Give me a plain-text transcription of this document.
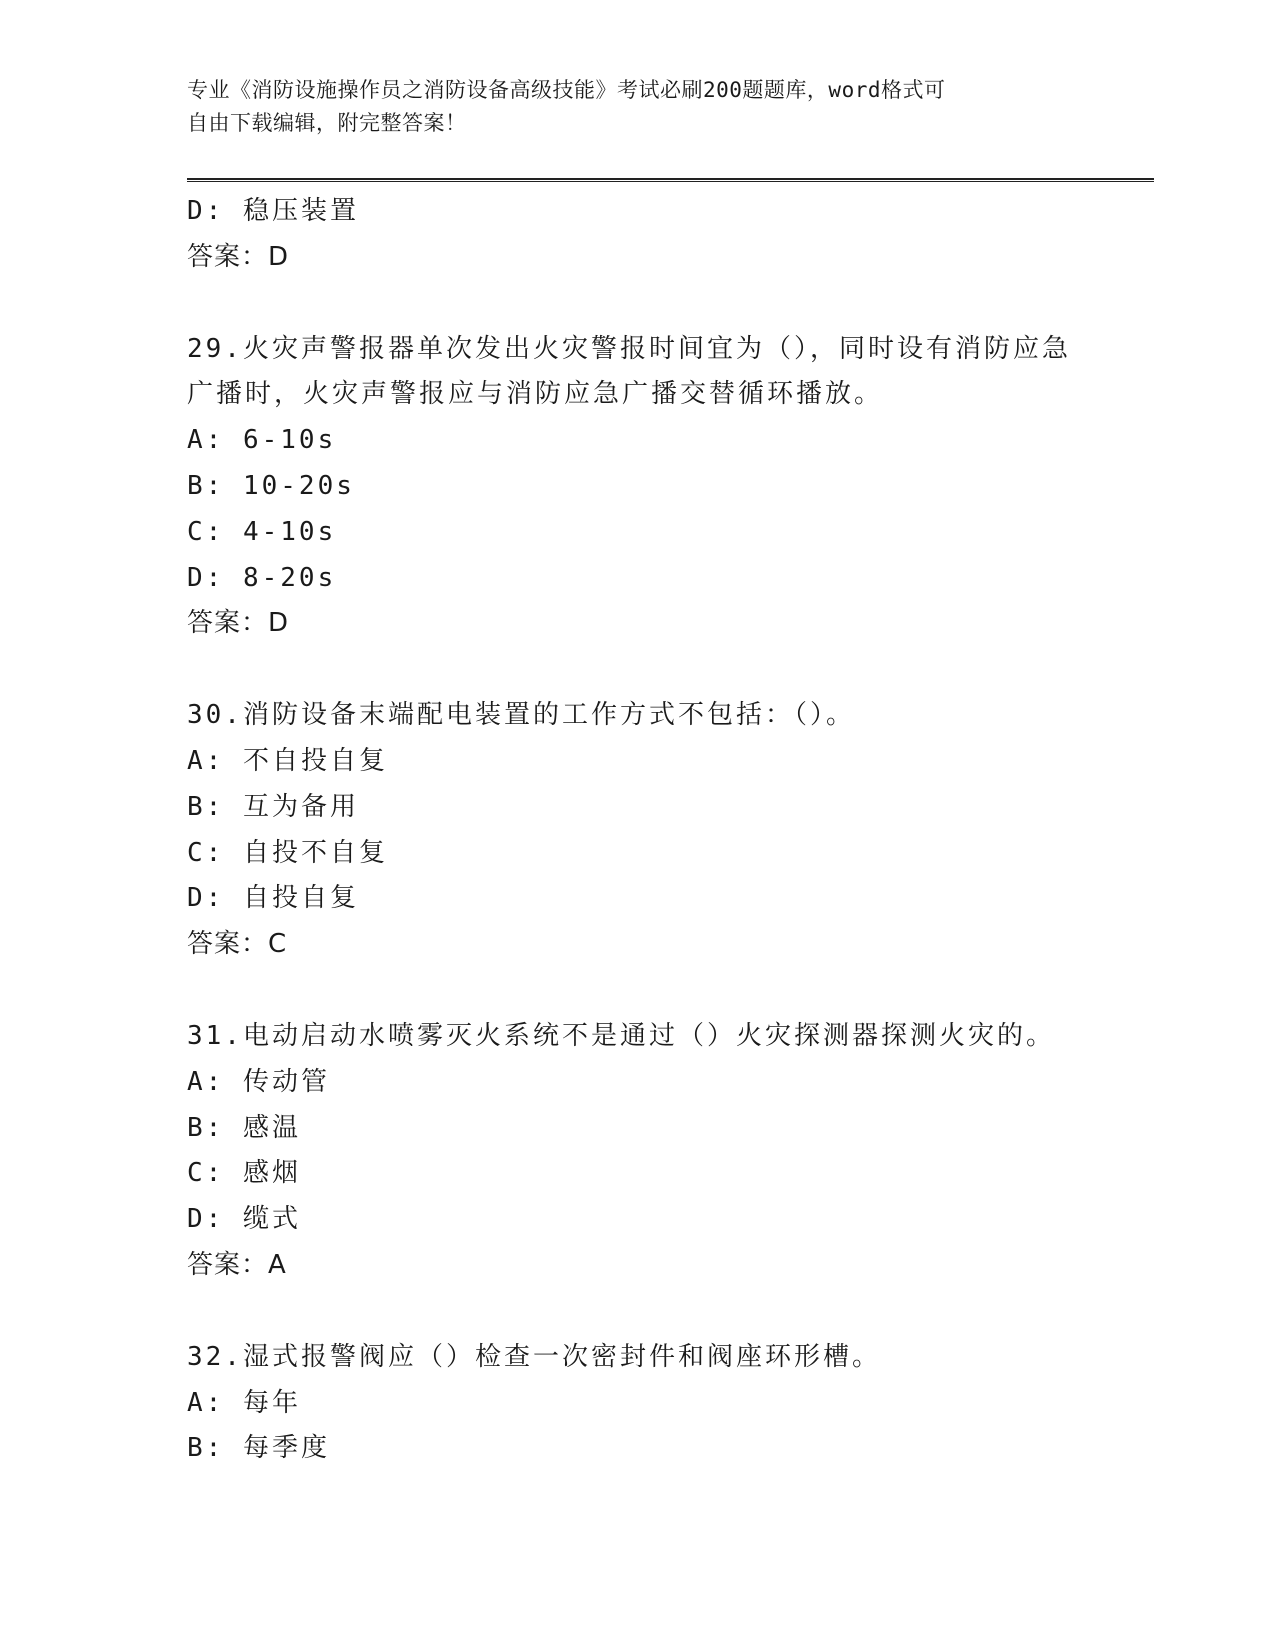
专业《消防设施操作员之消防设备高级技能》考试必刷200题题库，word格式可

自由下载编辑，附完整答案！

D: 稳压装置
答案：D
29.火灾声警报器单次发出火灾警报时间宜为（），同时设有消防应急
广播时，火灾声警报应与消防应急广播交替循环播放。
A: 6-10s
B: 10-20s
C: 4-10s
D: 8-20s
答案：D
30.消防设备末端配电装置的工作方式不包括：（）。
A: 不自投自复
B: 互为备用
C: 自投不自复
D: 自投自复
答案：C
31.电动启动水喷雾灭火系统不是通过（）火灾探测器探测火灾的。
A: 传动管
B: 感温
C: 感烟
D: 缆式
答案：A
32.湿式报警阀应（）检查一次密封件和阀座环形槽。
A: 每年
B: 每季度
